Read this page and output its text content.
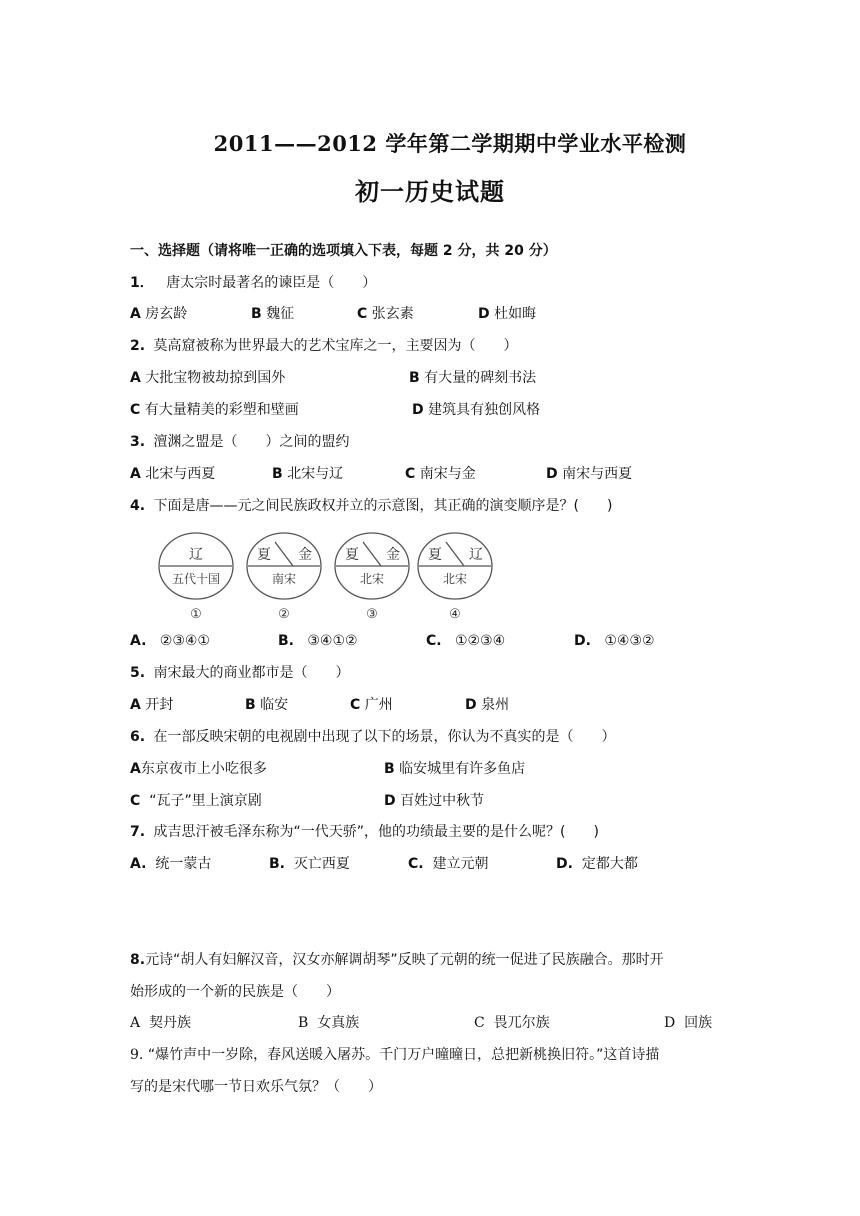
2011——2012 学年第二学期期中学业水平检测
初一历史试题
一、选择题（请将唯一正确的选项填入下表，每题 2 分，共 20 分）
1． 唐太宗时最著名的谏臣是（　　）
A 房玄龄	B 魏征	C 张玄素	D 杜如晦
2. 莫高窟被称为世界最大的艺术宝库之一，主要因为（　　）
A 大批宝物被劫掠到国外	B 有大量的碑刻书法
C 有大量精美的彩塑和壁画	D 建筑具有独创风格
3. 澶渊之盟是（　　）之间的盟约
A 北宋与西夏	B 北宋与辽	C 南宋与金	D 南宋与西夏
4. 下面是唐——元之间民族政权并立的示意图，其正确的演变顺序是？(　　)
辽
五代十国
①
夏 金
南宋
②
夏 金
北宋
③
夏 辽
北宋
④
A. ②③④①	B. ③④①②	C. ①②③④	D. ①④③②
5. 南宋最大的商业都市是（　　）
A 开封	B 临安	C 广州	D 泉州
6. 在一部反映宋朝的电视剧中出现了以下的场景，你认为不真实的是（　　）
A东京夜市上小吃很多	B 临安城里有许多鱼店
C “瓦子”里上演京剧	D 百姓过中秋节
7. 成吉思汗被毛泽东称为“一代天骄”，他的功绩最主要的是什么呢？(　　)
A. 统一蒙古	B. 灭亡西夏	C. 建立元朝	D. 定都大都
8.元诗“胡人有妇解汉音，汉女亦解调胡琴”反映了元朝的统一促进了民族融合。那时开
始形成的一个新的民族是（　　）
A 契丹族	B 女真族	C 畏兀尔族	D 回族
9. “爆竹声中一岁除，春风送暖入屠苏。千门万户曈曈日，总把新桃换旧符。”这首诗描
写的是宋代哪一节日欢乐气氛？（　　）
